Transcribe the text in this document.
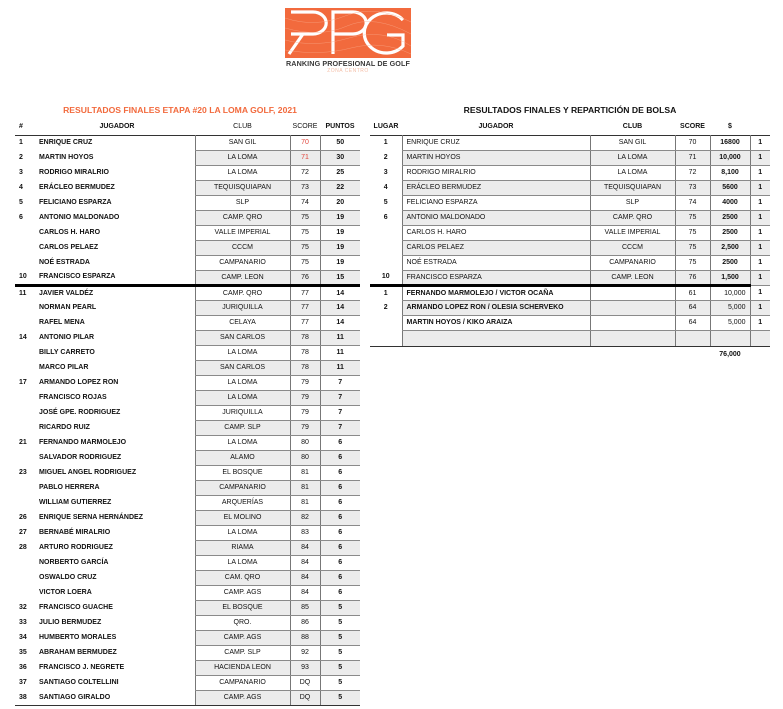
RANKING PROFESIONAL DE GOLF
ZONA CENTRO
RESULTADOS FINALES ETAPA #20 LA LOMA GOLF, 2021	RESULTADOS FINALES Y REPARTICIÓN DE BOLSA
#	JUGADOR	CLUB	SCORE	PUNTOS
1	ENRIQUE CRUZ	SAN GIL	70	50
2	MARTIN HOYOS	LA LOMA	71	30
3	RODRIGO MIRALRIO	LA LOMA	72	25
4	ERÁCLEO BERMUDEZ	TEQUISQUIAPAN	73	22
5	FELICIANO ESPARZA	SLP	74	20
6	ANTONIO MALDONADO	CAMP. QRO	75	19
	CARLOS H. HARO	VALLE IMPERIAL	75	19
	CARLOS PELAEZ	CCCM	75	19
	NOÉ ESTRADA	CAMPANARIO	75	19
10	FRANCISCO ESPARZA	CAMP. LEON	76	15
11	JAVIER VALDÉZ	CAMP. QRO	77	14
	NORMAN PEARL	JURIQUILLA	77	14
	RAFEL MENA	CELAYA	77	14
14	ANTONIO PILAR	SAN CARLOS	78	11
	BILLY CARRETO	LA LOMA	78	11
	MARCO PILAR	SAN CARLOS	78	11
17	ARMANDO LOPEZ RON	LA LOMA	79	7
	FRANCISCO ROJAS	LA LOMA	79	7
	JOSÉ GPE. RODRIGUEZ	JURIQUILLA	79	7
	RICARDO RUIZ	CAMP. SLP	79	7
21	FERNANDO MARMOLEJO	LA LOMA	80	6
	SALVADOR RODRIGUEZ	ALAMO	80	6
23	MIGUEL ANGEL RODRIGUEZ	EL BOSQUE	81	6
	PABLO HERRERA	CAMPANARIO	81	6
	WILLIAM GUTIERREZ	ARQUERÍAS	81	6
26	ENRIQUE SERNA HERNÁNDEZ	EL MOLINO	82	6
27	BERNABÉ MIRALRIO	LA LOMA	83	6
28	ARTURO RODRIGUEZ	RIAMA	84	6
	NORBERTO GARCÍA	LA LOMA	84	6
	OSWALDO CRUZ	CAM. QRO	84	6
	VICTOR LOERA	CAMP. AGS	84	6
32	FRANCISCO GUACHE	EL BOSQUE	85	5
33	JULIO BERMUDEZ	QRO.	86	5
34	HUMBERTO MORALES	CAMP. AGS	88	5
35	ABRAHAM BERMUDEZ	CAMP. SLP	92	5
36	FRANCISCO J. NEGRETE	HACIENDA LEON	93	5
37	SANTIAGO COLTELLINI	CAMPANARIO	DQ	5
38	SANTIAGO GIRALDO	CAMP. AGS	DQ	5
LUGAR	JUGADOR	CLUB	SCORE	$	
1	ENRIQUE CRUZ	SAN GIL	70	16800	1
2	MARTIN HOYOS	LA LOMA	71	10,000	1
3	RODRIGO MIRALRIO	LA LOMA	72	8,100	1
4	ERÁCLEO BERMUDEZ	TEQUISQUIAPAN	73	5600	1
5	FELICIANO ESPARZA	SLP	74	4000	1
6	ANTONIO MALDONADO	CAMP. QRO	75	2500	1
	CARLOS H. HARO	VALLE IMPERIAL	75	2500	1
	CARLOS PELAEZ	CCCM	75	2,500	1
	NOÉ ESTRADA	CAMPANARIO	75	2500	1
10	FRANCISCO ESPARZA	CAMP. LEON	76	1,500	1
1	FERNANDO MARMOLEJO / VICTOR OCAÑA		61	10,000	1
2	ARMANDO LOPEZ RON / OLESIA SCHERVEKO		64	5,000	1
	MARTIN HOYOS / KIKO ARAIZA		64	5,000	1

				76,000	
